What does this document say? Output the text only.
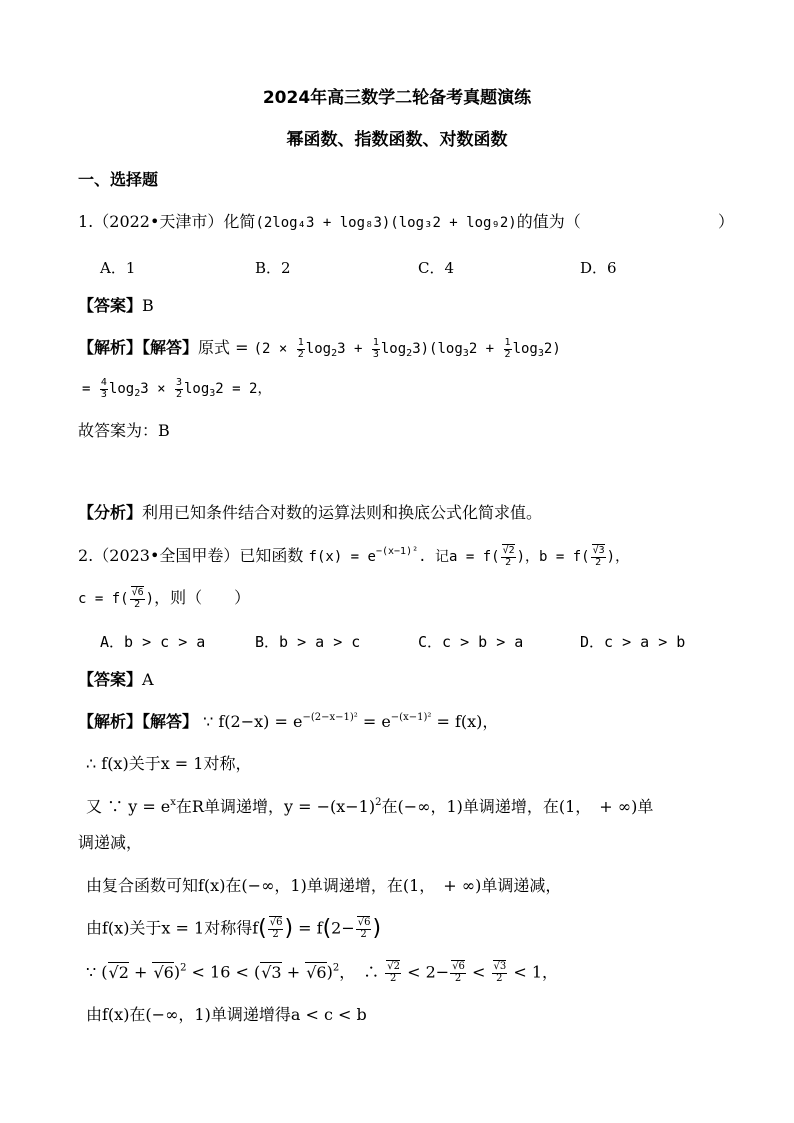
2024年高三数学二轮备考真题演练
幂函数、指数函数、对数函数
一、选择题
1.（2022•天津市）化简(2log₄3 + log₈3)(log₃2 + log₉2)的值为（	）
A．1	B．2	C．4	D．6
【答案】B
【解析】【解答】原式 = $(2 \times \frac{1}{2} \log_23 + \frac{1}{3} \log_23)(\log_32 + \frac{1}{2} \log_32)$
= $\frac{4}{3} \log_23 \times \frac{3}{2} \log_32 = 2$，
故答案为：B
【分析】利用已知条件结合对数的运算法则和换底公式化简求值。
2.（2023•全国甲卷）已知函数 $f(x) = e^{-(x-1)^2}$. 记$a = f( \frac{√2}{2}$ )，$b = f( \frac{√3}{2}$ )，
$c = f( \frac{√6}{2}$ )，则（　　）
A．b > c > a	B．b > a > c	C．c > b > a	D．c > a > b
【答案】A
【解析】【解答】 ∵ $f(2-x) = e^{-(2-x-1)^2} = e^{-(x-1)^2} = f(x)$，
∴ f(x)关于x = 1对称，
又 ∵ $y = e^x$在R单调递增，$y = -(x-1)^2$在(−∞，1)单调递增，在(1，　+ ∞)单
调递减，
由复合函数可知f(x)在(−∞，1)单调递增，在(1，　+ ∞)单调递减，
由f(x)关于x = 1对称得$f( \frac{√6}{2}$ ) = $f(2- \frac{√6}{2}$ )
∵ $(√2 + √6)^2 < 16 < (√3 + √6)^2$，　∴ $\frac{√2}{2} < 2- \frac{√6}{2} < \frac{√3}{2} < 1$，
由f(x)在(−∞，1)单调递增得a < c < b
